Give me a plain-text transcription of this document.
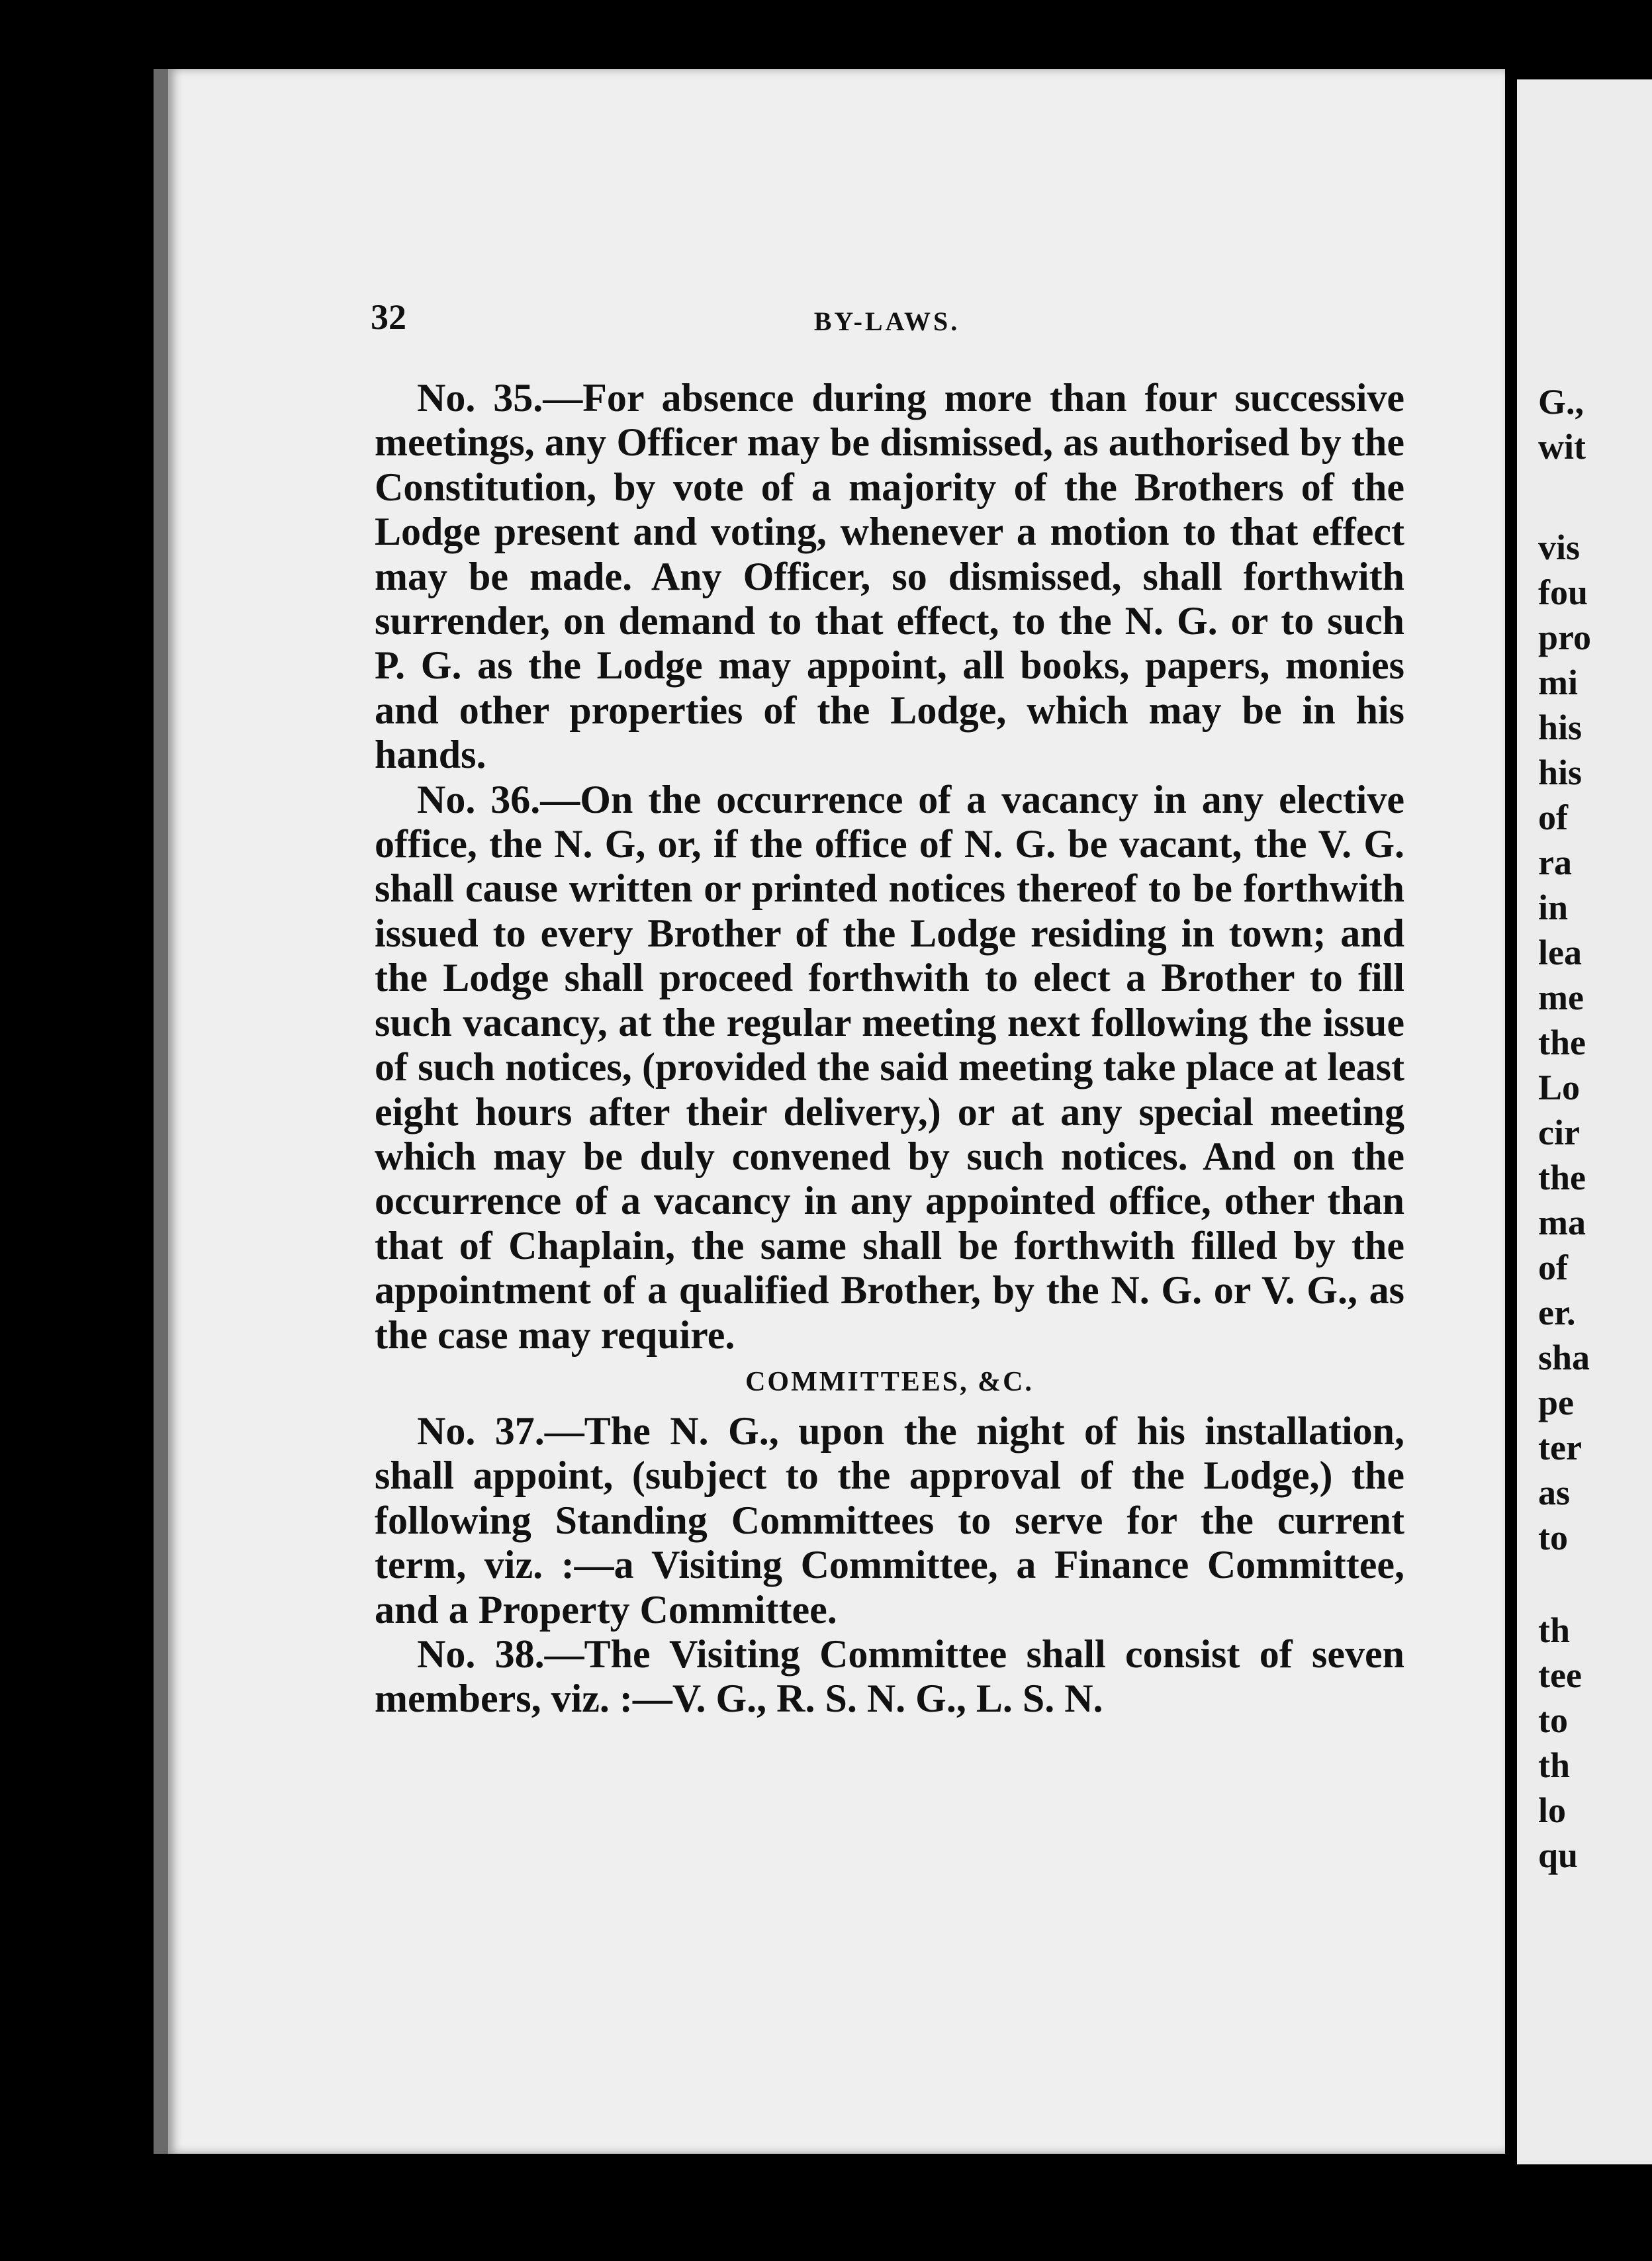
G.,
wit
vis
fou
pro
mi
his
his
of
ra
in
lea
me
the
Lo
cir
the
ma
of
er.
sha
pe
ter
as
to
th
tee
to
th
lo
qu
32	BY-LAWS.

No. 35.—For absence during more than four successive meetings, any Officer may be dismissed, as authorised by the Constitution, by vote of a majority of the Brothers of the Lodge present and voting, whenever a motion to that effect may be made. Any Officer, so dismissed, shall forthwith surrender, on demand to that effect, to the N. G. or to such P. G. as the Lodge may appoint, all books, papers, monies and other properties of the Lodge, which may be in his hands.

No. 36.—On the occurrence of a vacancy in any elective office, the N. G, or, if the office of N. G. be vacant, the V. G. shall cause written or printed notices thereof to be forthwith issued to every Brother of the Lodge residing in town; and the Lodge shall proceed forthwith to elect a Brother to fill such vacancy, at the regular meeting next following the issue of such notices, (provided the said meeting take place at least eight hours after their delivery,) or at any special meeting which may be duly convened by such notices. And on the occurrence of a vacancy in any appointed office, other than that of Chaplain, the same shall be forthwith filled by the appointment of a qualified Brother, by the N. G. or V. G., as the case may require.

COMMITTEES, &C.

No. 37.—The N. G., upon the night of his installation, shall appoint, (subject to the approval of the Lodge,) the following Standing Committees to serve for the current term, viz. :—a Visiting Committee, a Finance Committee, and a Property Committee.

No. 38.—The Visiting Committee shall consist of seven members, viz. :—V. G., R. S. N. G., L. S. N.
